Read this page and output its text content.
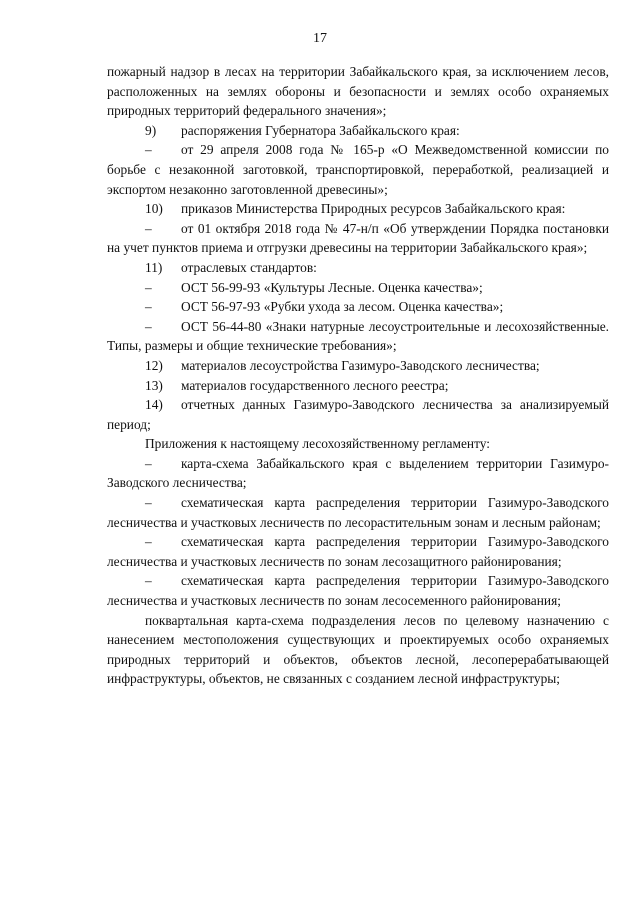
17

пожарный надзор в лесах на территории Забайкальского края, за исключением лесов, расположенных на землях обороны и безопасности и землях особо охраняемых природных территорий федерального значения»;

9) распоряжения Губернатора Забайкальского края:

– от 29 апреля 2008 года № 165-р «О Межведомственной комиссии по борьбе с незаконной заготовкой, транспортировкой, переработкой, реализацией и экспортом незаконно заготовленной древесины»;

10) приказов Министерства Природных ресурсов Забайкальского края:

– от 01 октября 2018 года № 47-н/п «Об утверждении Порядка постановки на учет пунктов приема и отгрузки древесины на территории Забайкальского края»;

11) отраслевых стандартов:

– ОСТ 56-99-93 «Культуры Лесные. Оценка качества»;

– ОСТ 56-97-93 «Рубки ухода за лесом. Оценка качества»;

– ОСТ 56-44-80 «Знаки натурные лесоустроительные и лесохозяйственные. Типы, размеры и общие технические требования»;

12) материалов лесоустройства Газимуро-Заводского лесничества;

13) материалов государственного лесного реестра;

14) отчетных данных Газимуро-Заводского лесничества за анализируемый период;

Приложения к настоящему лесохозяйственному регламенту:

– карта-схема Забайкальского края с выделением территории Газимуро-Заводского лесничества;

– схематическая карта распределения территории Газимуро-Заводского лесничества и участковых лесничеств по лесорастительным зонам и лесным районам;

– схематическая карта распределения территории Газимуро-Заводского лесничества и участковых лесничеств по зонам лесозащитного районирования;

– схематическая карта распределения территории Газимуро-Заводского лесничества и участковых лесничеств по зонам лесосеменного районирования;

поквартальная карта-схема подразделения лесов по целевому назначению с нанесением местоположения существующих и проектируемых особо охраняемых природных территорий и объектов, объектов лесной, лесоперерабатывающей инфраструктуры, объектов, не связанных с созданием лесной инфраструктуры;
